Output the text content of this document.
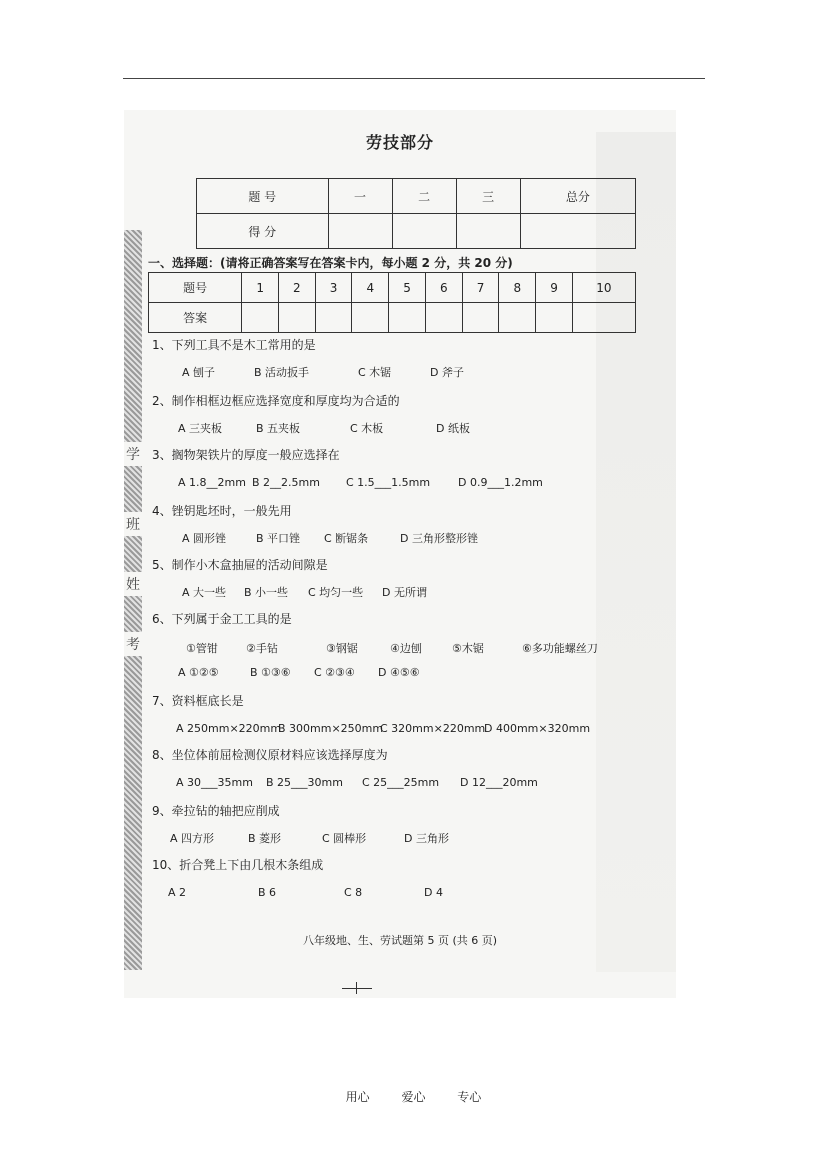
学
班
姓
考
劳技部分
题 号	一	二	三	总分
得 分				
一、选择题：(请将正确答案写在答案卡内，每小题 2 分，共 20 分)
题号	1	2	3	4	5	6	7	8	9	10
答案										
1、下列工具不是木工常用的是
A 刨子	B 活动扳手	C 木锯	D 斧子
2、制作相框边框应选择宽度和厚度均为合适的
A 三夹板	B 五夹板	C 木板	D 纸板
3、搁物架铁片的厚度一般应选择在
A 1.8__2mm B 2__2.5mm C 1.5___1.5mm	D 0.9___1.2mm
4、锉钥匙坯时，一般先用
A 圆形锉	B 平口锉 C 断锯条	D 三角形整形锉
5、制作小木盒抽屉的活动间隙是
A 大一些 B 小一些 C 均匀一些 D 无所谓
6、下列属于金工工具的是
①管钳	②手钻	③钢锯	④边刨	⑤木锯	⑥多功能螺丝刀
A ①②⑤	B ①③⑥ C ②③④ D ④⑤⑥
7、资料框底长是
A 250mm×220mm
B 300mm×250mm
C 320mm×220mm
D 400mm×320mm
8、坐位体前屈检测仪原材料应该选择厚度为
A 30___35mm B 25___30mm C 25___25mm D 12___20mm
9、牵拉钻的轴把应削成
A 四方形	B 菱形	C 圆棒形	D 三角形
10、折合凳上下由几根木条组成
A 2	B 6	C 8	D 4
八年级地、生、劳试题第 5 页 (共 6 页)
用心 爱心 专心
